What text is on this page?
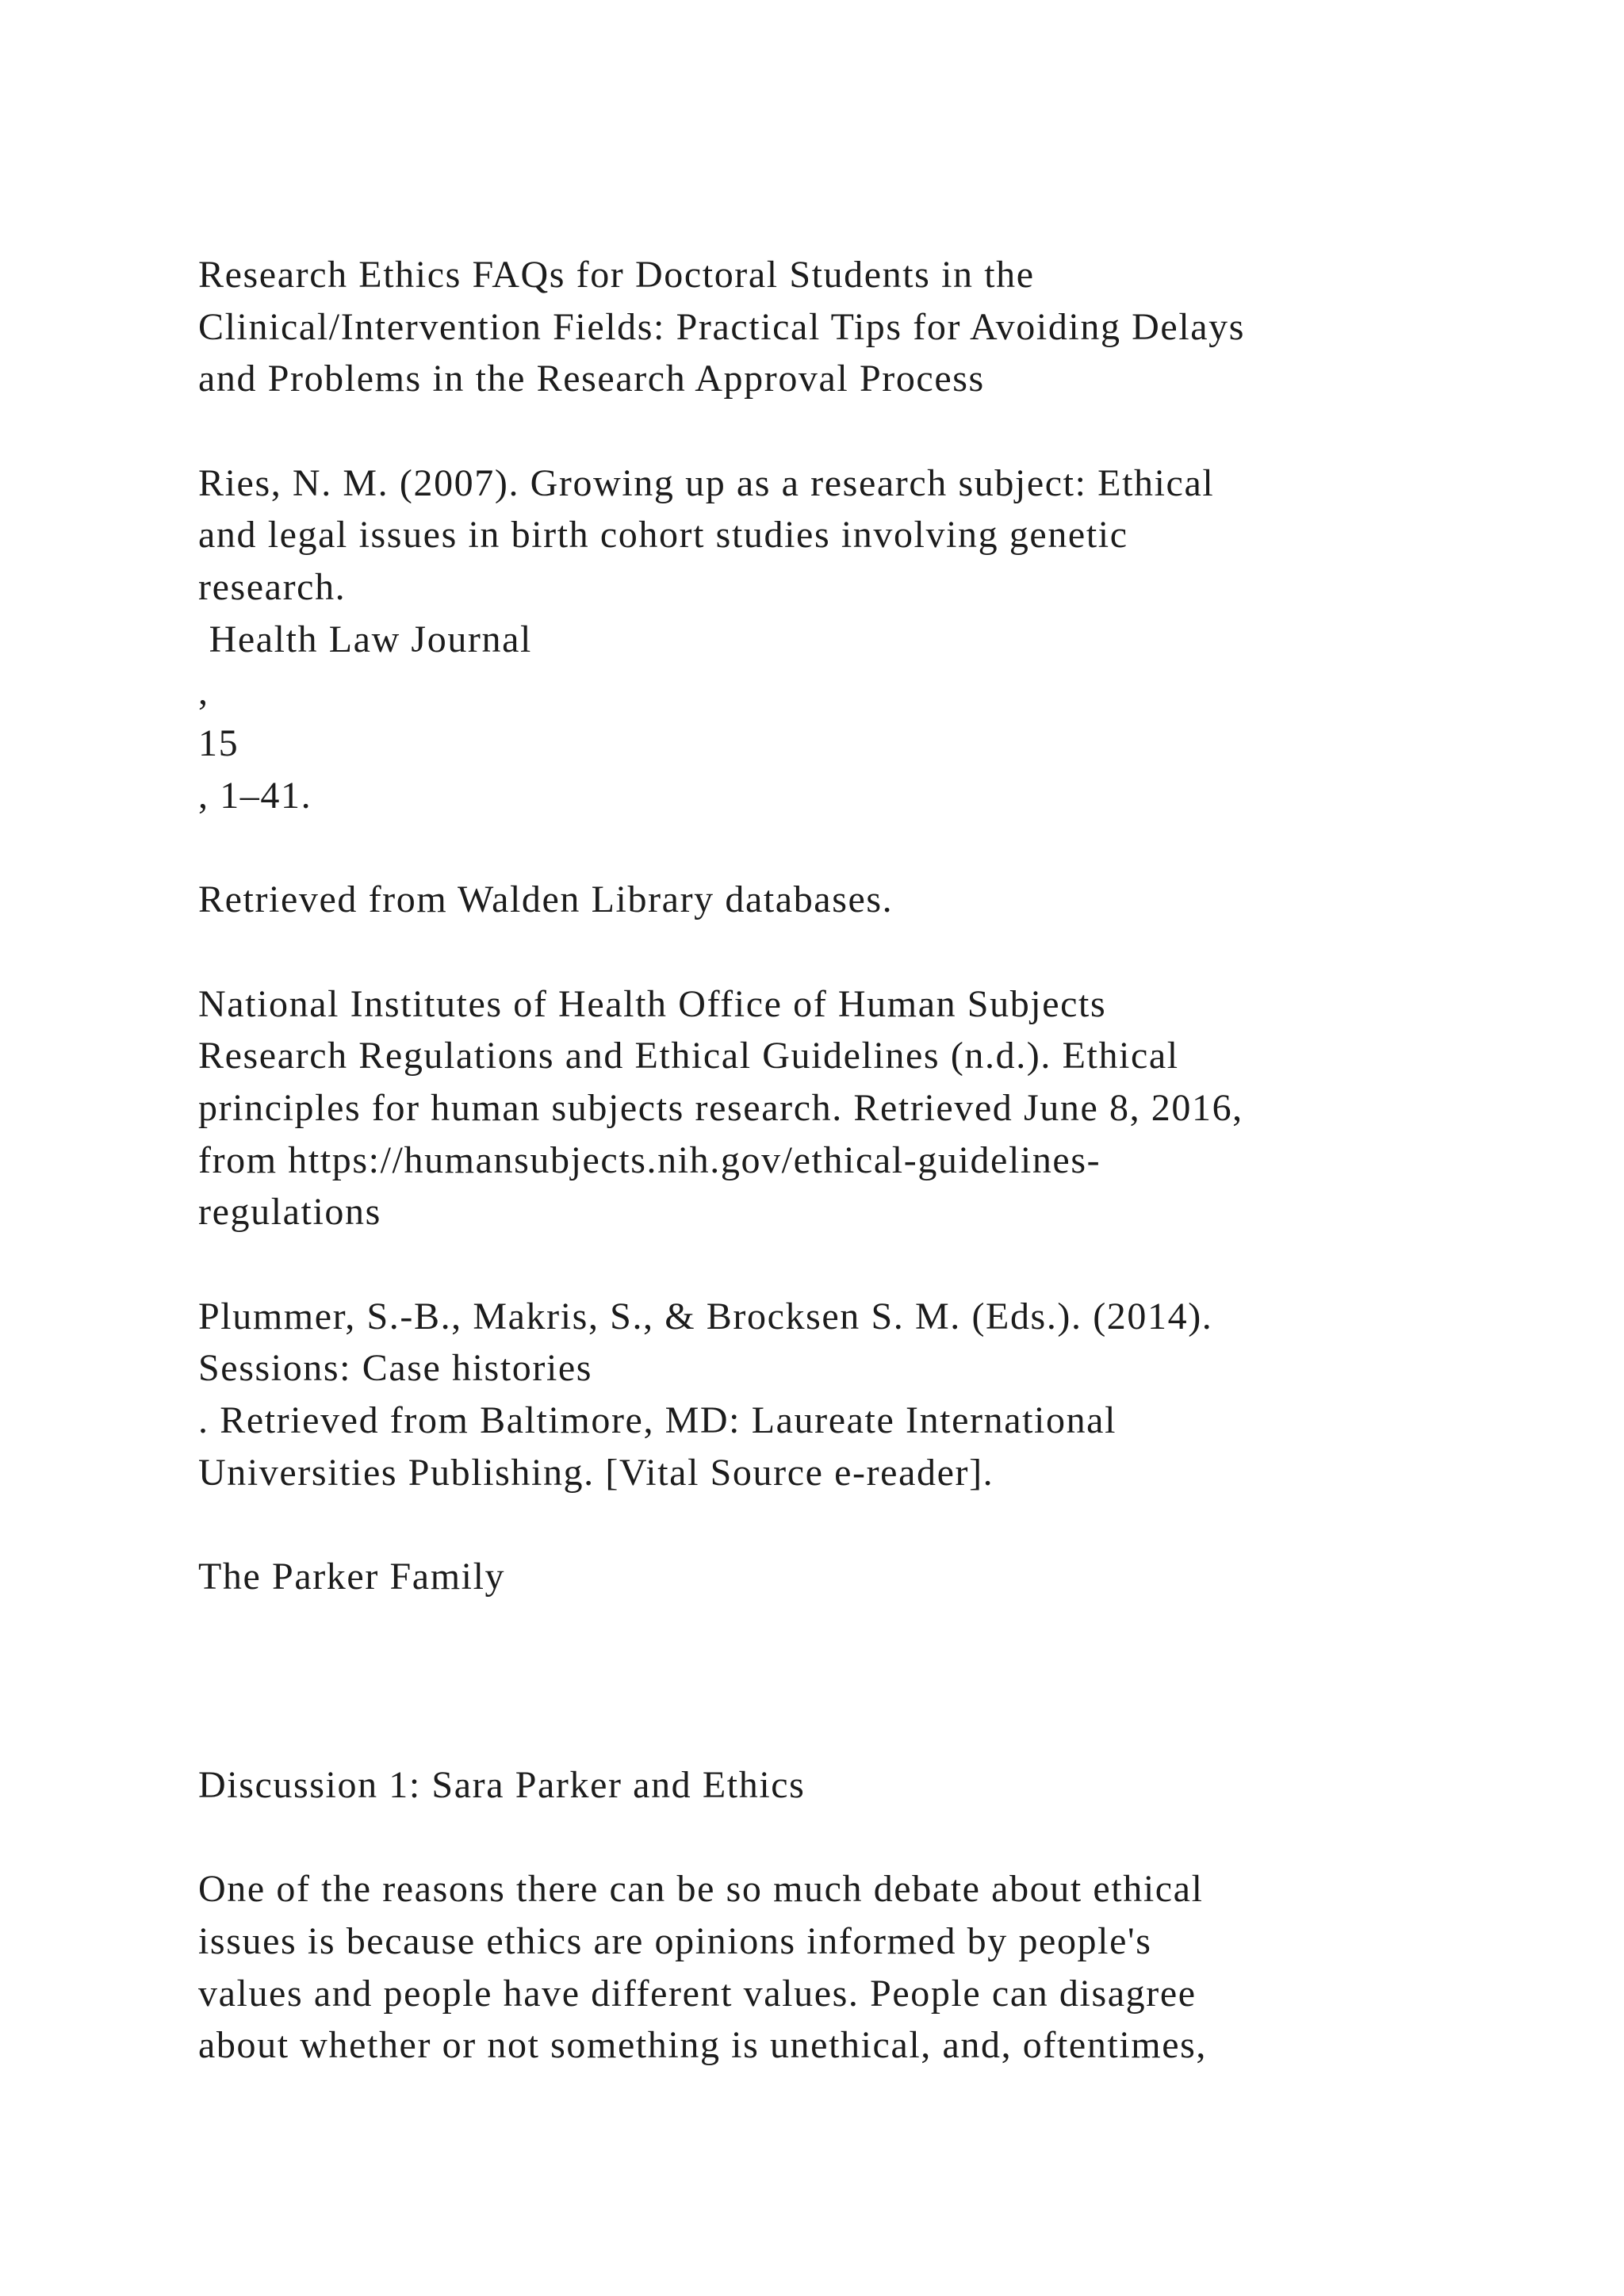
Research Ethics FAQs for Doctoral Students in the
Clinical/Intervention Fields: Practical Tips for Avoiding Delays
and Problems in the Research Approval Process
Ries, N. M. (2007). Growing up as a research subject: Ethical
and legal issues in birth cohort studies involving genetic
research.
Health Law Journal
,
15
, 1–41.
Retrieved from Walden Library databases.
National Institutes of Health Office of Human Subjects
Research Regulations and Ethical Guidelines (n.d.). Ethical
principles for human subjects research. Retrieved June 8, 2016,
from https://humansubjects.nih.gov/ethical-guidelines-
regulations
Plummer, S.-B., Makris, S., & Brocksen S. M. (Eds.). (2014).
Sessions: Case histories
. Retrieved from Baltimore, MD: Laureate International
Universities Publishing. [Vital Source e-reader].
The Parker Family
Discussion 1: Sara Parker and Ethics
One of the reasons there can be so much debate about ethical
issues is because ethics are opinions informed by people's
values and people have different values. People can disagree
about whether or not something is unethical, and, oftentimes,
